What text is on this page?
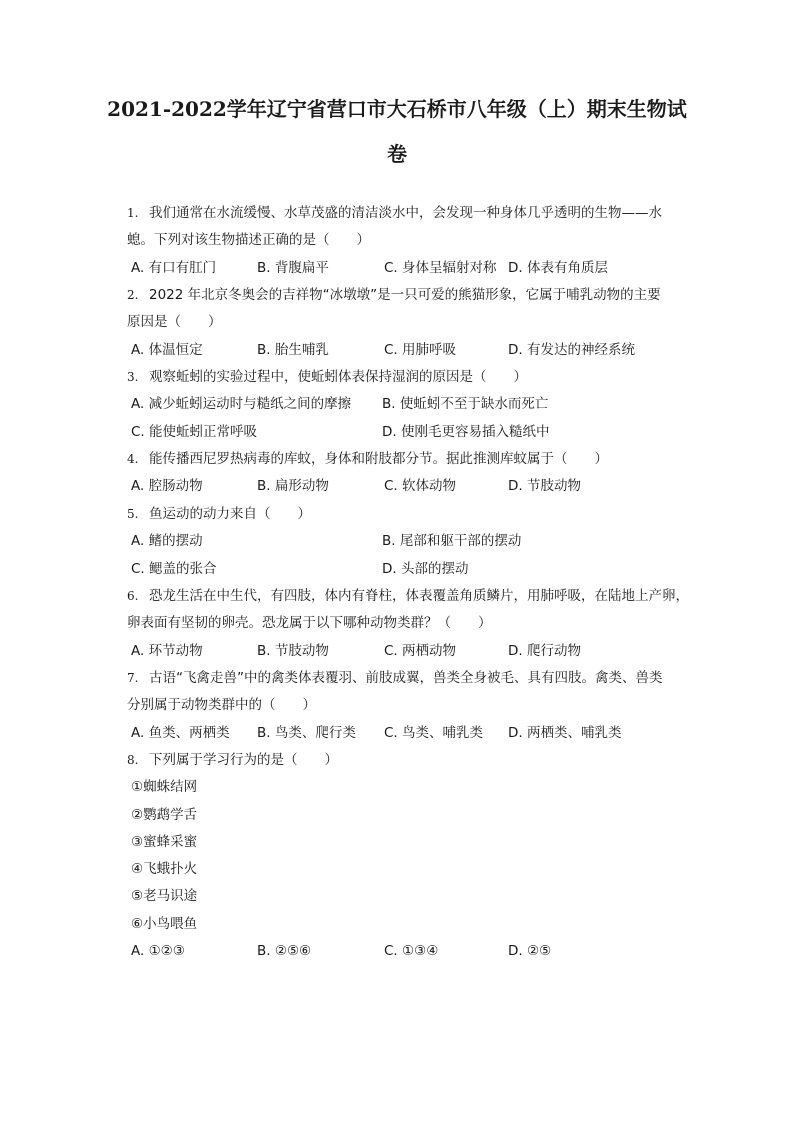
2021-2022学年辽宁省营口市大石桥市八年级（上）期末生物试
卷
1. 我们通常在水流缓慢、水草茂盛的清洁淡水中，会发现一种身体几乎透明的生物——水
螅。下列对该生物描述正确的是（　　）
A. 有口有肛门	B. 背腹扁平	C. 身体呈辐射对称 D. 体表有角质层
2. 2022 年北京冬奥会的吉祥物“冰墩墩”是一只可爱的熊猫形象，它属于哺乳动物的主要
原因是（　　）
A. 体温恒定	B. 胎生哺乳	C. 用肺呼吸	D. 有发达的神经系统
3. 观察蚯蚓的实验过程中，使蚯蚓体表保持湿润的原因是（　　）
A. 减少蚯蚓运动时与糙纸之间的摩擦 B. 使蚯蚓不至于缺水而死亡
C. 能使蚯蚓正常呼吸	D. 使刚毛更容易插入糙纸中
4. 能传播西尼罗热病毒的库蚊，身体和附肢都分节。据此推测库蚊属于（　　）
A. 腔肠动物	B. 扁形动物	C. 软体动物	D. 节肢动物
5. 鱼运动的动力来自（　　）
A. 鳍的摆动	B. 尾部和躯干部的摆动
C. 鳃盖的张合	D. 头部的摆动
6. 恐龙生活在中生代，有四肢，体内有脊柱，体表覆盖角质鳞片，用肺呼吸，在陆地上产卵，
卵表面有坚韧的卵壳。恐龙属于以下哪种动物类群？（　　）
A. 环节动物	B. 节肢动物	C. 两栖动物	D. 爬行动物
7. 古语“飞禽走兽”中的禽类体表覆羽、前肢成翼，兽类全身被毛、具有四肢。禽类、兽类
分别属于动物类群中的（　　）
A. 鱼类、两栖类 B. 鸟类、爬行类 C. 鸟类、哺乳类 D. 两栖类、哺乳类
8. 下列属于学习行为的是（　　）
①蜘蛛结网
②鹦鹉学舌
③蜜蜂采蜜
④飞蛾扑火
⑤老马识途
⑥小鸟喂鱼
A. ①②③	B. ②⑤⑥	C. ①③④	D. ②⑤
